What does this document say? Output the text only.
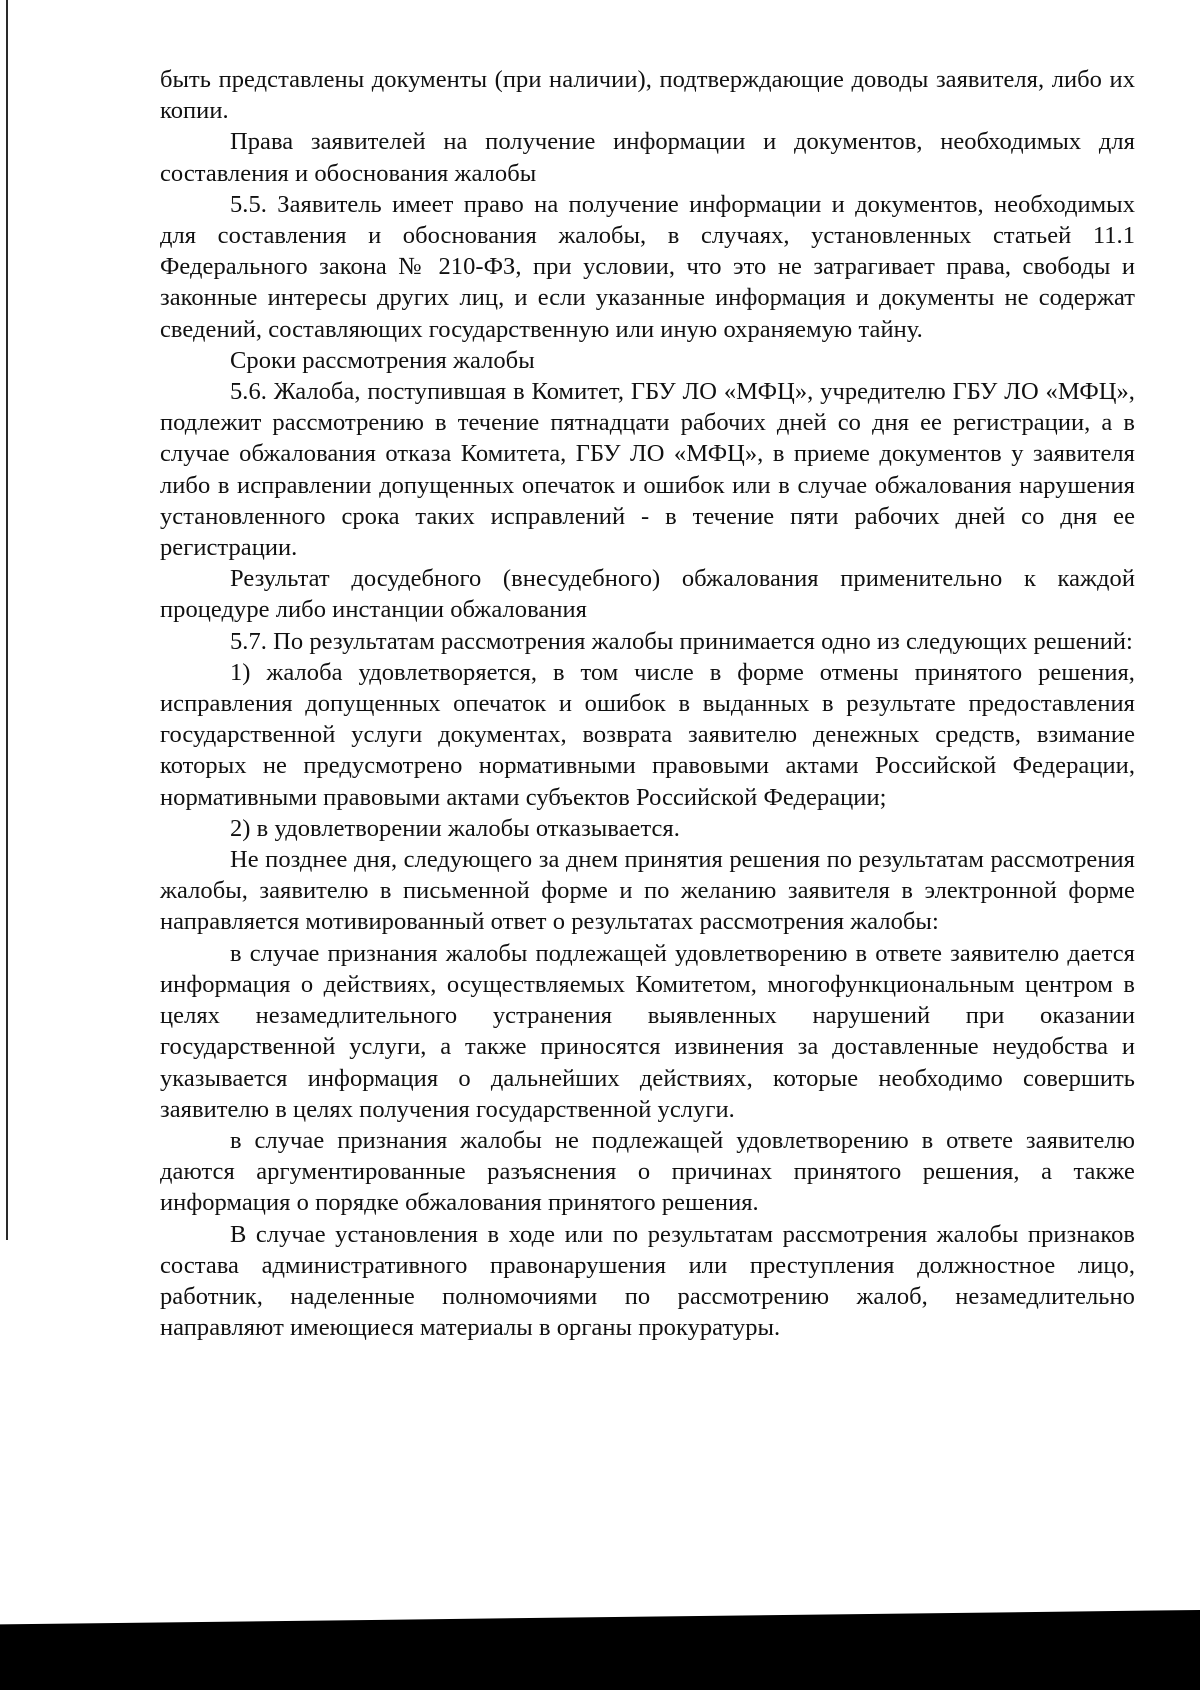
быть представлены документы (при наличии), подтверждающие доводы заявителя, либо их копии.

Права заявителей на получение информации и документов, необходимых для составления и обоснования жалобы

5.5. Заявитель имеет право на получение информации и документов, необходимых для составления и обоснования жалобы, в случаях, установленных статьей 11.1 Федерального закона № 210-ФЗ, при условии, что это не затрагивает права, свободы и законные интересы других лиц, и если указанные информация и документы не содержат сведений, составляющих государственную или иную охраняемую тайну.

Сроки рассмотрения жалобы

5.6. Жалоба, поступившая в Комитет, ГБУ ЛО «МФЦ», учредителю ГБУ ЛО «МФЦ», подлежит рассмотрению в течение пятнадцати рабочих дней со дня ее регистрации, а в случае обжалования отказа Комитета, ГБУ ЛО «МФЦ», в приеме документов у заявителя либо в исправлении допущенных опечаток и ошибок или в случае обжалования нарушения установленного срока таких исправлений - в течение пяти рабочих дней со дня ее регистрации.

Результат досудебного (внесудебного) обжалования применительно к каждой процедуре либо инстанции обжалования

5.7. По результатам рассмотрения жалобы принимается одно из следующих решений:

1) жалоба удовлетворяется, в том числе в форме отмены принятого решения, исправления допущенных опечаток и ошибок в выданных в результате предоставления государственной услуги документах, возврата заявителю денежных средств, взимание которых не предусмотрено нормативными правовыми актами Российской Федерации, нормативными правовыми актами субъектов Российской Федерации;

2) в удовлетворении жалобы отказывается.

Не позднее дня, следующего за днем принятия решения по результатам рассмотрения жалобы, заявителю в письменной форме и по желанию заявителя в электронной форме направляется мотивированный ответ о результатах рассмотрения жалобы:

в случае признания жалобы подлежащей удовлетворению в ответе заявителю дается информация о действиях, осуществляемых Комитетом, многофункциональным центром в целях незамедлительного устранения выявленных нарушений при оказании государственной услуги, а также приносятся извинения за доставленные неудобства и указывается информация о дальнейших действиях, которые необходимо совершить заявителю в целях получения государственной услуги.

в случае признания жалобы не подлежащей удовлетворению в ответе заявителю даются аргументированные разъяснения о причинах принятого решения, а также информация о порядке обжалования принятого решения.

В случае установления в ходе или по результатам рассмотрения жалобы признаков состава административного правонарушения или преступления должностное лицо, работник, наделенные полномочиями по рассмотрению жалоб, незамедлительно направляют имеющиеся материалы в органы прокуратуры.
